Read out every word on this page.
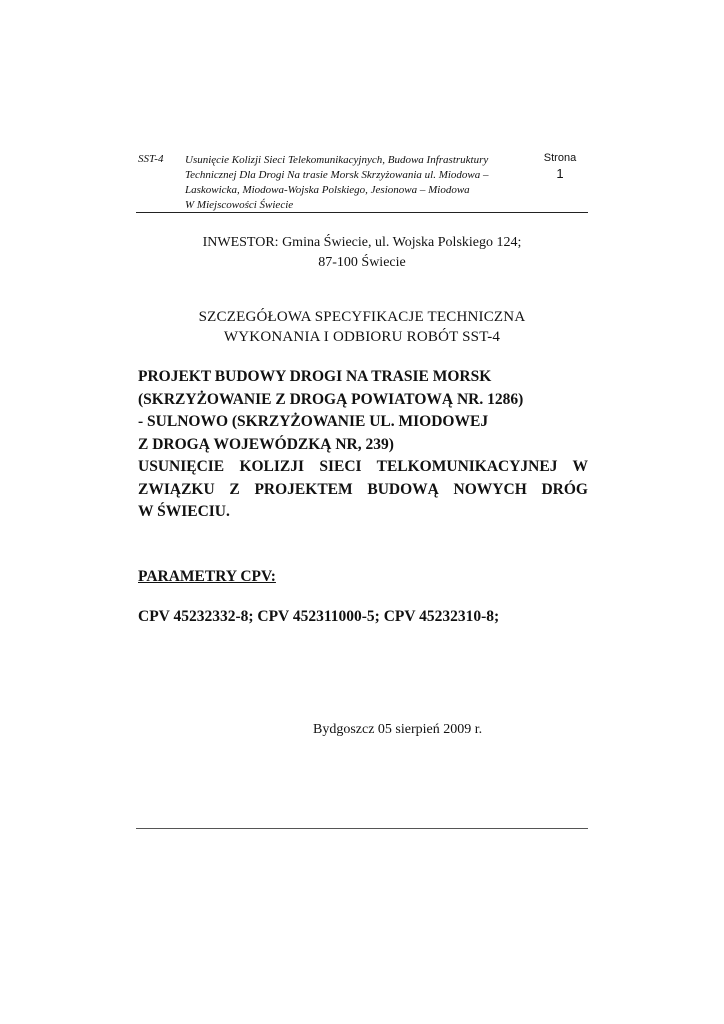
SST-4 Usunięcie Kolizji Sieci Telekomunikacyjnych, Budowa Infrastruktury
Technicznej Dla Drogi Na trasie Morsk Skrzyżowania ul. Miodowa –
Laskowicka, Miodowa-Wojska Polskiego, Jesionowa – Miodowa
W Miejscowości Świecie
Strona
1
INWESTOR: Gmina Świecie, ul. Wojska Polskiego 124;
87-100 Świecie
SZCZEGÓŁOWA SPECYFIKACJE TECHNICZNA
WYKONANIA I ODBIORU ROBÓT SST-4
PROJEKT BUDOWY DROGI NA TRASIE MORSK
(SKRZYŻOWANIE Z DROGĄ POWIATOWĄ NR. 1286)
- SULNOWO (SKRZYŻOWANIE UL. MIODOWEJ
Z DROGĄ WOJEWÓDZKĄ NR, 239)
USUNIĘCIE KOLIZJI SIECI TELKOMUNIKACYJNEJ W
ZWIĄZKU Z PROJEKTEM BUDOWĄ NOWYCH DRÓG
W ŚWIECIU.
PARAMETRY CPV:
CPV 45232332-8; CPV 452311000-5; CPV 45232310-8;
Bydgoszcz 05 sierpień 2009 r.
